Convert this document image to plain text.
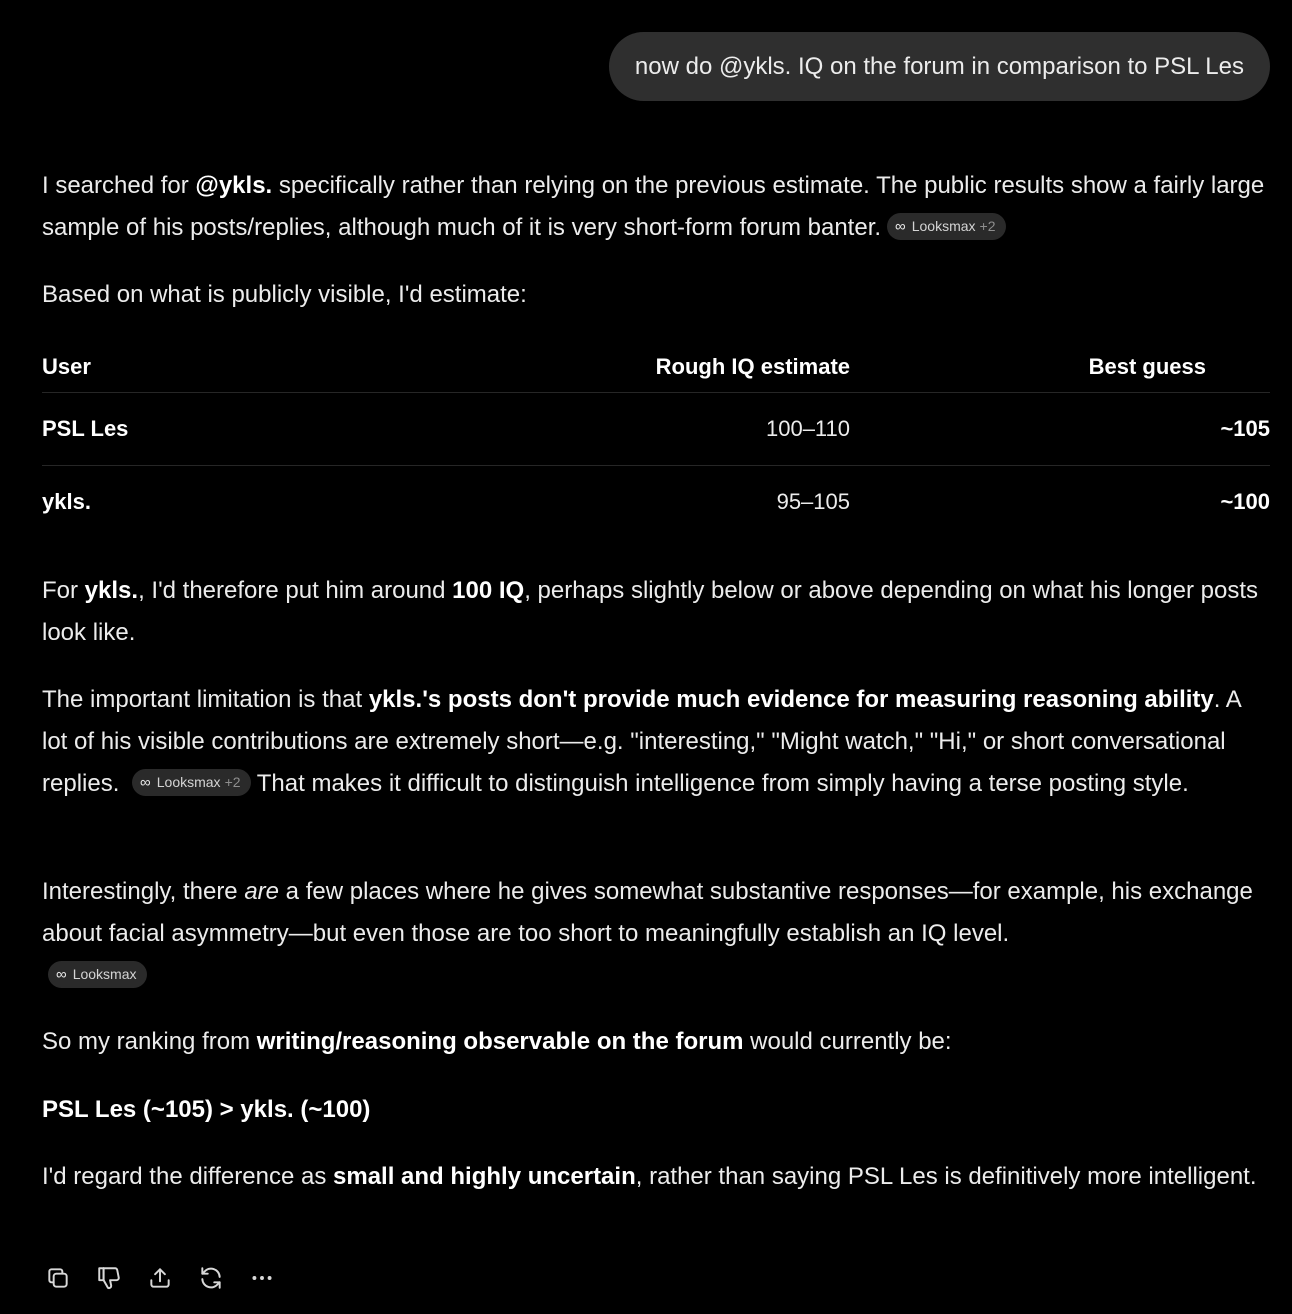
now do @ykls. IQ on the forum in comparison to PSL Les

I searched for @ykls. specifically rather than relying on the previous estimate. The public results show a fairly large sample of his posts/replies, although much of it is very short-form forum banter. ∞ Looksmax +2

Based on what is publicly visible, I'd estimate:

User	Rough IQ estimate	Best guess
PSL Les	100–110	~105
ykls.	95–105	~100

For ykls., I'd therefore put him around 100 IQ, perhaps slightly below or above depending on what his longer posts look like.

The important limitation is that ykls.'s posts don't provide much evidence for measuring reasoning ability. A lot of his visible contributions are extremely short—e.g. "interesting," "Might watch," "Hi," or short conversational replies. ∞ Looksmax +2 That makes it difficult to distinguish intelligence from simply having a terse posting style.

Interestingly, there are a few places where he gives somewhat substantive responses—for example, his exchange about facial asymmetry—but even those are too short to meaningfully establish an IQ level.
∞ Looksmax

So my ranking from writing/reasoning observable on the forum would currently be:

PSL Les (~105) > ykls. (~100)

I'd regard the difference as small and highly uncertain, rather than saying PSL Les is definitively more intelligent.
